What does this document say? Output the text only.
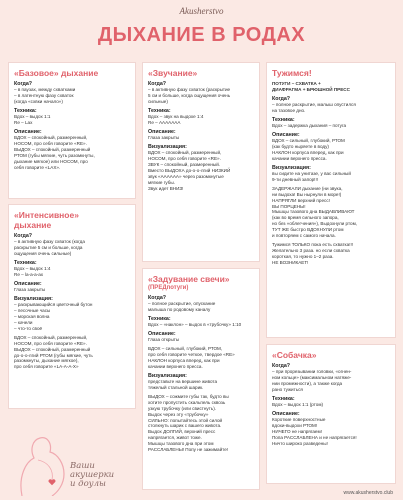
Akusherstvo
ДЫХАНИЕ В РОДАХ
«Базовое» дыхание
Когда?
– в паузах, между схватками
– в латентную фазу схваток
(когда «схвки начало»)
Техника:
Вдох – выдох 1:1
Re – Lax
Описание:
ВДОХ – спокойный, размеренный,
НОСОМ, про себя говорите «RE».
ВЫДОХ – спокойный, размеренный
РТОМ (губы мягкие, чуть разомкнуты,
дыхание мягкое) или НОСОМ, про
себя говорите «LAX».
«Интенсивное»
дыхание
Когда?
– в активную фазу схваток (когда
раскрытие 5 см и больше, когда
ощущения очень сильные)
Техника:
Вдох – выдох 1:4
Re – lа-а-а-аx
Описание:
Глаза закрыты
Визуализация:
– раскрывающийся цветочный бутон
– песочные часы
– морская волна
– качели
– что-то своё
ВДОХ – спокойный, размеренный,
НОСОМ, про себя говорите «RE».
ВЫДОХ – спокойный, размеренный
до-о-о-лгий РТОМ (губы мягкие, чуть
разомкнуты, дыхание мягкое),
про себя говорите «LA-A-A-X»
«Звучание»
Когда?
– в активную фазу схваток (раскрытие
5 см и больше, когда ощущения очень
сильные)
Техника:
Вдох – звук на выдохе 1:4
Re – ААААААА
Описание:
Глаза закрыты
Визуализация:
ВДОХ – спокойный, размеренный,
НОСОМ, про себя говорите «RE».
ЗВУК – спокойный, размеренный.
Вместо ВЫДОХА до-о-о-лгий НИЗКИЙ
звук «АААААА» через разомкнутые
мягкие губы.
Звук идет ВНИЗ!
«Задувание свечи»
(ПРЕДпотуги)
Когда?
– полное раскрытие, опускание
малыша по родовому каналу
Техника:
Вдох – «наклон» – выдох в «трубочку» 1:10
Описание:
Глаза открыты
ВДОХ – сильный, глубокий, РТОМ,
про себя говорите четкое, твердое «RE»
НАКЛОН корпуса вперед, как при
качании верхнего пресса.
Визуализация:
представьте на вершине живота
тяжелый стальной шарик.
ВЫДОХ – сожмите губы так, будто вы
хотите пропустить скальпель сквозь
узкую трубочку (или свистнуть).
Выдох через эту «трубочку»
СИЛЬНО: попытайтесь этой силой
столкнуть шарик с вашего живота.
Выдох ДОЛГИЙ, верхний пресс
напрягается, живот тоже.
Мышцы тазового дна при этом
РАССЛАБЛЕНЫ! Попу не зажимайте!
Тужимся!
ПОТУГИ – СХВАТКА +
ДИАФРАГМА + БРЮШНОЙ ПРЕСС
Когда?
– полное раскрытие, малыш опустился
на тазовое дно.
Техника:
Вдох – задержка дыхания – потуга
Описание:
ВДОХ – сильный, глубокий, РТОМ
(как будто ныряете в воду)
НАКЛОН корпуса вперед, как при
качании верхнего пресса.
Визуализация:
вы сидите на унитазе, у вас сильный
9-ти дневный запор!!!
ЗАДЕРЖАЛИ дыхание (ни звука,
ни выдоха! Вы нырнули в море!)
НАПРЯГЛИ верхний пресс!
ВЫ ПОРЦЕНЫ!
Мышцы тазового дна ВЫДАВЛИВАЮТ
(как во время сильного запора,
но без «облегчения»), Выдохнули ртом,
ТУТ ЖЕ быстро ВДОХНУЛИ ртом
и повторяем с самого начала.
Тужимся ТОЛЬКО пока есть схватка!!!
Желательно 3 раза. но если схватка
короткая, то нужно 1–2 раза.
НЕ ВОЗНИКАЕТ!
«Собачка»
Когда?
– при прорезывании головки, «огнен-
ном кольце» (максимальном натяже-
нии промежности), а также когда
рано тужиться
Техника:
Вдох – выдох 1:1 (ртом)
Описание:
Короткие поверхностные
вдохи-выдохи РТОМ!
НИЧЕГО не напрягаем!
Попа РАССЛАБЛЕНА и не напрягается!
Ничто широко разведены!
Ваши
акушерки
и доулы
www.akusherstvo.club
